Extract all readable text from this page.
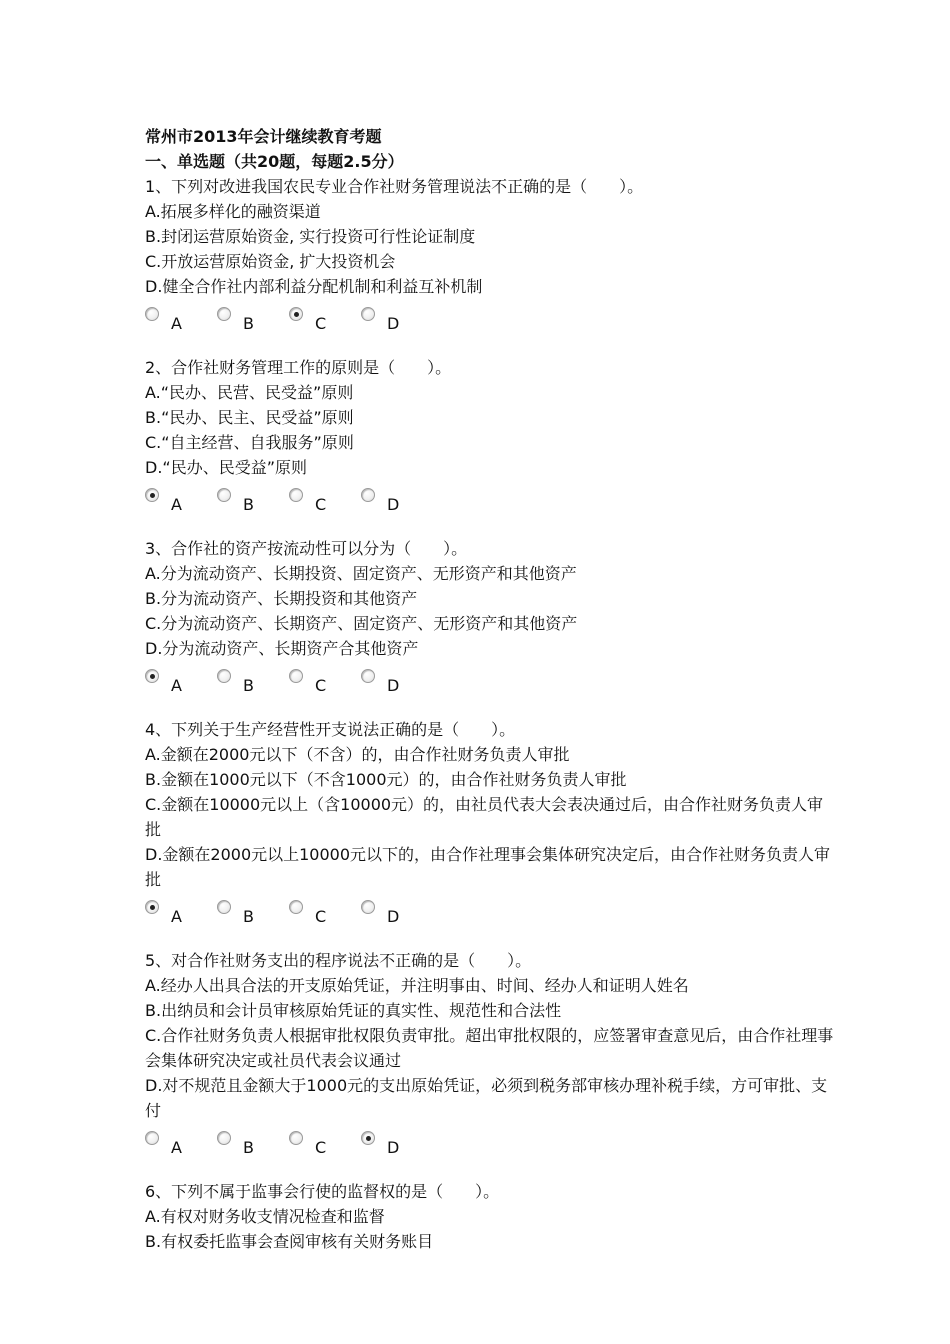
常州市2013年会计继续教育考题
一、单选题（共20题，每题2.5分）
1、下列对改进我国农民专业合作社财务管理说法不正确的是（　　）。
A.拓展多样化的融资渠道
B.封闭运营原始资金, 实行投资可行性论证制度
C.开放运营原始资金, 扩大投资机会
D.健全合作社内部利益分配机制和利益互补机制
A	B	C	D
2、合作社财务管理工作的原则是（　　）。
A.“民办、民营、民受益”原则
B.“民办、民主、民受益”原则
C.“自主经营、自我服务”原则
D.“民办、民受益”原则
A	B	C	D
3、合作社的资产按流动性可以分为（　　）。
A.分为流动资产、长期投资、固定资产、无形资产和其他资产
B.分为流动资产、长期投资和其他资产
C.分为流动资产、长期资产、固定资产、无形资产和其他资产
D.分为流动资产、长期资产合其他资产
A	B	C	D
4、下列关于生产经营性开支说法正确的是（　　）。
A.金额在2000元以下（不含）的，由合作社财务负责人审批
B.金额在1000元以下（不含1000元）的，由合作社财务负责人审批
C.金额在10000元以上（含10000元）的，由社员代表大会表决通过后，由合作社财务负责人审批
D.金额在2000元以上10000元以下的，由合作社理事会集体研究决定后，由合作社财务负责人审批
A	B	C	D
5、对合作社财务支出的程序说法不正确的是（　　）。
A.经办人出具合法的开支原始凭证，并注明事由、时间、经办人和证明人姓名
B.出纳员和会计员审核原始凭证的真实性、规范性和合法性
C.合作社财务负责人根据审批权限负责审批。超出审批权限的，应签署审查意见后，由合作社理事会集体研究决定或社员代表会议通过
D.对不规范且金额大于1000元的支出原始凭证，必须到税务部审核办理补税手续，方可审批、支付
A	B	C	D
6、下列不属于监事会行使的监督权的是（　　）。
A.有权对财务收支情况检查和监督
B.有权委托监事会查阅审核有关财务账目
